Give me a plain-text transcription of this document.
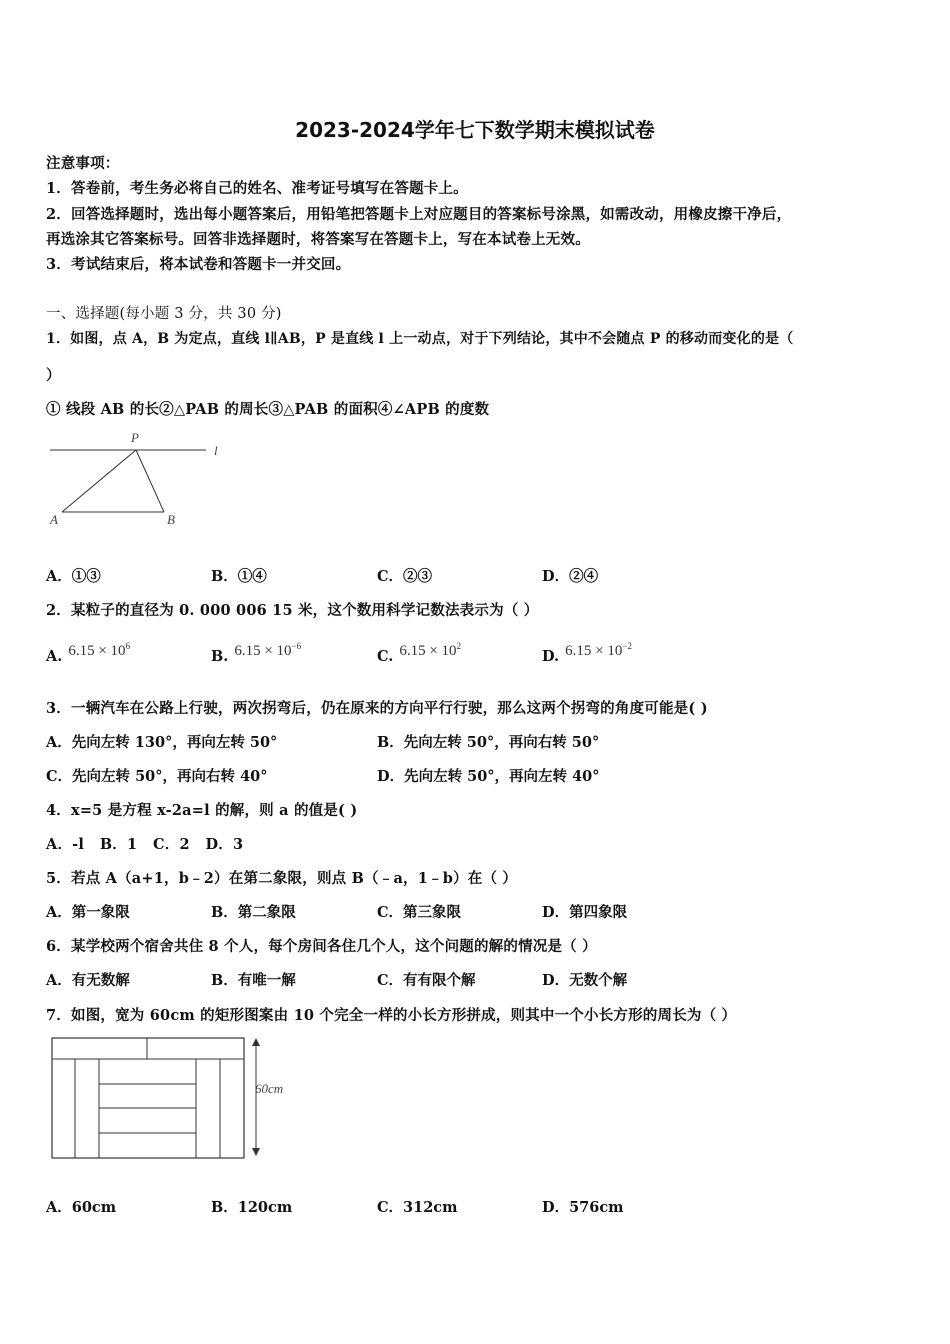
2023-2024学年七下数学期末模拟试卷
注意事项：
1．答卷前，考生务必将自己的姓名、准考证号填写在答题卡上。
2．回答选择题时，选出每小题答案后，用铅笔把答题卡上对应题目的答案标号涂黑，如需改动，用橡皮擦干净后，
再选涂其它答案标号。回答非选择题时，将答案写在答题卡上，写在本试卷上无效。
3．考试结束后，将本试卷和答题卡一并交回。
一、选择题(每小题 3 分，共 30 分)
1．如图，点 A，B 为定点，直线 l∥AB，P 是直线 l 上一动点，对于下列结论，其中不会随点 P 的移动而变化的是（
）
① 线段 AB 的长②△PAB 的周长③△PAB 的面积④∠APB 的度数
P
l
A	B
A．①③	B．①④	C．②③	D．②④
2．某粒子的直径为 0. 000 006 15 米，这个数用科学记数法表示为（ ）
A. $6.15 \times 10^6$
B. $6.15 \times 10^{-6}$
C. $6.15 \times 10^2$
D. $6.15 \times 10^{-2}$
3．一辆汽车在公路上行驶，两次拐弯后，仍在原来的方向平行行驶，那么这两个拐弯的角度可能是( )
A．先向左转 130°，再向左转 50°	B．先向左转 50°，再向右转 50°
C．先向左转 50°，再向右转 40°	D．先向左转 50°，再向左转 40°
4．x=5 是方程 x-2a=l 的解，则 a 的值是( )
A．-l   B．1   C．2   D．3
5．若点 A（a+1，b﹣2）在第二象限，则点 B（﹣a，1﹣b）在（ ）
A．第一象限	B．第二象限	C．第三象限	D．第四象限
6．某学校两个宿舍共住 8 个人，每个房间各住几个人，这个问题的解的情况是（ ）
A．有无数解	B．有唯一解	C．有有限个解	D．无数个解
7．如图，宽为 60cm 的矩形图案由 10 个完全一样的小长方形拼成，则其中一个小长方形的周长为（ ）
60cm
A．60cm	B．120cm	C．312cm	D．576cm
